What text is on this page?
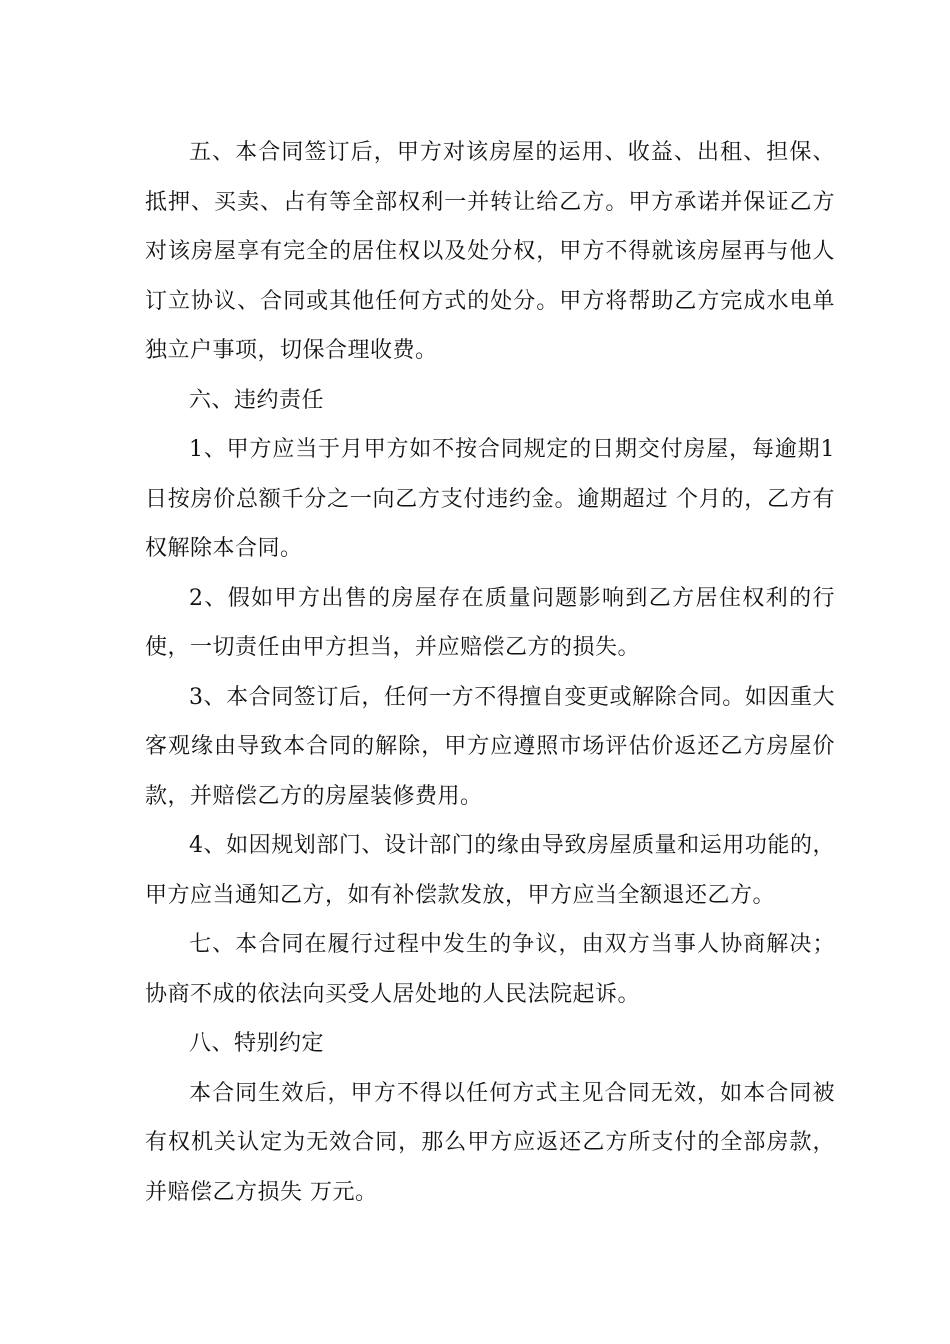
五、本合同签订后，甲方对该房屋的运用、收益、出租、担保、抵押、买卖、占有等全部权利一并转让给乙方。甲方承诺并保证乙方对该房屋享有完全的居住权以及处分权，甲方不得就该房屋再与他人订立协议、合同或其他任何方式的处分。甲方将帮助乙方完成水电单独立户事项，切保合理收费。

六、违约责任

1、甲方应当于月甲方如不按合同规定的日期交付房屋，每逾期1日按房价总额千分之一向乙方支付违约金。逾期超过 个月的，乙方有权解除本合同。

2、假如甲方出售的房屋存在质量问题影响到乙方居住权利的行使，一切责任由甲方担当，并应赔偿乙方的损失。

3、本合同签订后，任何一方不得擅自变更或解除合同。如因重大客观缘由导致本合同的解除，甲方应遵照市场评估价返还乙方房屋价款，并赔偿乙方的房屋装修费用。

4、如因规划部门、设计部门的缘由导致房屋质量和运用功能的，甲方应当通知乙方，如有补偿款发放，甲方应当全额退还乙方。

七、本合同在履行过程中发生的争议，由双方当事人协商解决；协商不成的依法向买受人居处地的人民法院起诉。

八、特别约定

本合同生效后，甲方不得以任何方式主见合同无效，如本合同被有权机关认定为无效合同，那么甲方应返还乙方所支付的全部房款，并赔偿乙方损失 万元。
